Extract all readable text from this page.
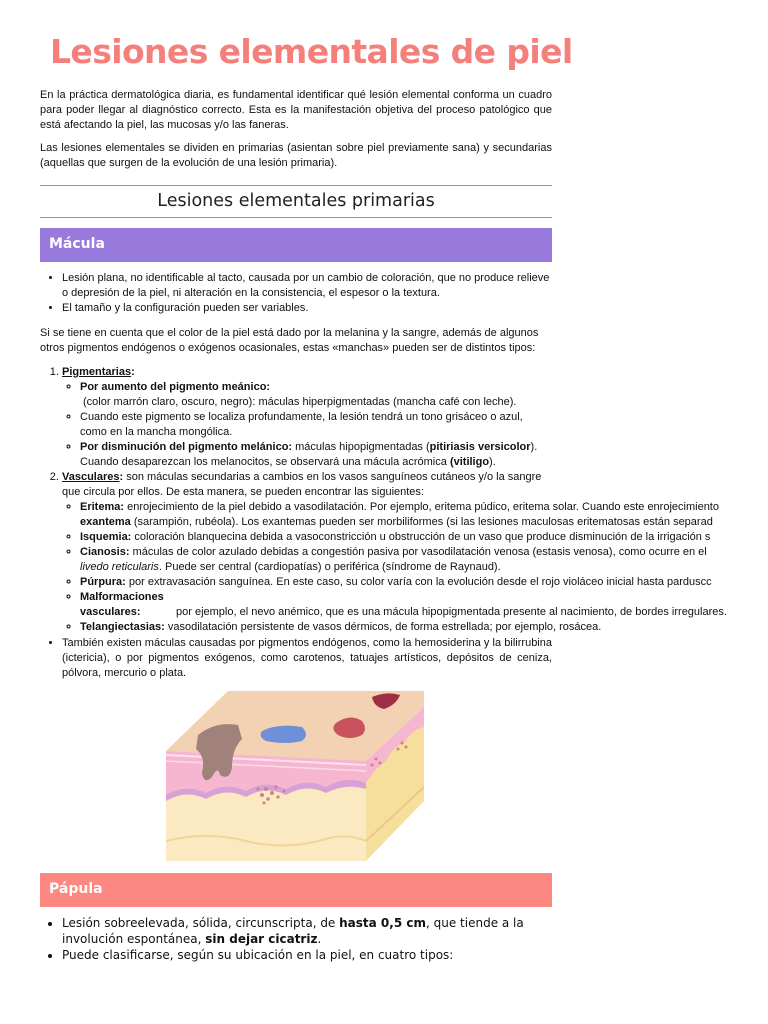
Lesiones elementales de piel

En la práctica dermatológica diaria, es fundamental identificar qué lesión elemental conforma un cuadro para poder llegar al diagnóstico correcto. Esta es la manifestación objetiva del proceso patológico que está afectando la piel, las mucosas y/o las faneras.

Las lesiones elementales se dividen en primarias (asientan sobre piel previamente sana) y secundarias (aquellas que surgen de la evolución de una lesión primaria).

Lesiones elementales primarias
Mácula
• Lesión plana, no identificable al tacto, causada por un cambio de coloración, que no produce relieve o depresión de la piel, ni alteración en la consistencia, el espesor o la textura.
• El tamaño y la configuración pueden ser variables.

Si se tiene en cuenta que el color de la piel está dado por la melanina y la sangre, además de algunos otros pigmentos endógenos o exógenos ocasionales, estas «manchas» pueden ser de distintos tipos:

1. Pigmentarias:
◦ Por aumento del pigmento meánico:
(color marrón claro, oscuro, negro): máculas hiperpigmentadas (mancha café con leche).
◦ Cuando este pigmento se localiza profundamente, la lesión tendrá un tono grisáceo o azul, como en la mancha mongólica.
◦ Por disminución del pigmento melánico: máculas hipopigmentadas (pitiriasis versicolor). Cuando desaparezcan los melanocitos, se observará una mácula acrómica (vitiligo).
2. Vasculares: son máculas secundarias a cambios en los vasos sanguíneos cutáneos y/o la sangre que circula por ellos. De esta manera, se pueden encontrar las siguientes:
◦ Eritema: enrojecimiento de la piel debido a vasodilatación. Por ejemplo, eritema púdico, eritema solar. Cuando este enrojecimiento
exantema (sarampión, rubéola). Los exantemas pueden ser morbiliformes (si las lesiones maculosas eritematosas están separad
◦ Isquemia: coloración blanquecina debida a vasoconstricción u obstrucción de un vaso que produce disminución de la irrigación s
◦ Cianosis: máculas de color azulado debidas a congestión pasiva por vasodilatación venosa (estasis venosa), como ocurre en el
livedo reticularis. Puede ser central (cardiopatías) o periférica (síndrome de Raynaud).
◦ Púrpura: por extravasación sanguínea. En este caso, su color varía con la evolución desde el rojo violáceo inicial hasta parduscc
◦ Malformaciones vasculares:	por ejemplo, el nevo anémico, que es una mácula hipopigmentada presente al nacimiento, de bordes irregulares.
◦ Telangiectasias: vasodilatación persistente de vasos dérmicos, de forma estrellada; por ejemplo, rosácea.
• También existen máculas causadas por pigmentos endógenos, como la hemosiderina y la bilirrubina (ictericia), o por pigmentos exógenos, como carotenos, tatuajes artísticos, depósitos de ceniza, pólvora, mercurio o plata.
Pápula
• Lesión sobreelevada, sólida, circunscripta, de hasta 0,5 cm, que tiende a la involución espontánea, sin dejar cicatriz.
• Puede clasificarse, según su ubicación en la piel, en cuatro tipos:
